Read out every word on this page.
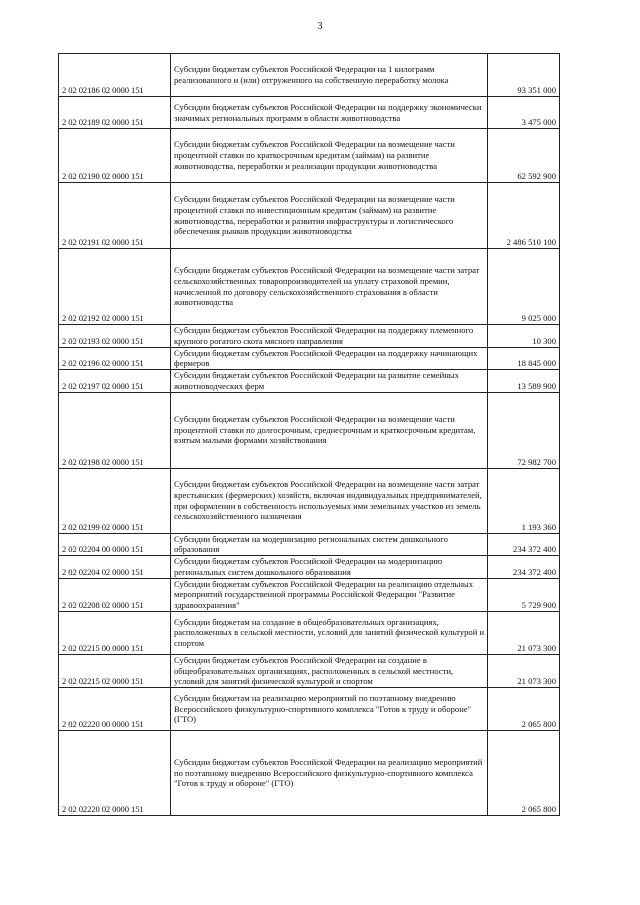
3
2 02 02186 02 0000 151	Субсидии бюджетам субъектов Российской Федерации на 1 килограмм реализованного и (или) отгруженного на собственную переработку молока	93 351 000
2 02 02189 02 0000 151	Субсидии бюджетам субъектов Российской Федерации на поддержку экономически значимых региональных программ в области животноводства	3 475 000
2 02 02190 02 0000 151	Субсидии бюджетам субъектов Российской Федерации на возмещение части процентной ставки по краткосрочным кредитам (займам) на развитие животноводства, переработки и реализации продукции животноводства	62 592 900
2 02 02191 02 0000 151	Субсидии бюджетам субъектов Российской Федерации на возмещение части процентной ставки по инвестиционным кредитам (займам) на развитие животноводства, переработки и развития инфраструктуры и логистического обеспечения рынков продукции животноводства	2 486 510 100
2 02 02192 02 0000 151	Субсидии бюджетам субъектов Российской Федерации на возмещение части затрат сельскохозяйственных товаропроизводителей на уплату страховой премии, начисленной по договору сельскохозяйственного страхования в области животноводства	9 025 000
2 02 02193 02 0000 151	Субсидии бюджетам субъектов Российской Федерации на поддержку племенного крупного рогатого скота мясного направления	10 300
2 02 02196 02 0000 151	Субсидии бюджетам субъектов Российской Федерации на поддержку начинающих фермеров	18 845 000
2 02 02197 02 0000 151	Субсидии бюджетам субъектов Российской Федерации на развитие семейных животноводческих ферм	13 589 900
2 02 02198 02 0000 151	Субсидии бюджетам субъектов Российской Федерации на возмещение части процентной ставки по долгосрочным, среднесрочным и краткосрочным кредитам, взятым малыми формами хозяйствования	72 982 700
2 02 02199 02 0000 151	Субсидии бюджетам субъектов Российской Федерации на возмещение части затрат крестьянских (фермерских) хозяйств, включая индивидуальных предпринимателей, при оформлении в собственность используемых ими земельных участков из земель сельскохозяйственного назначения	1 193 360
2 02 02204 00 0000 151	Субсидии бюджетам на модернизацию региональных систем дошкольного образования	234 372 400
2 02 02204 02 0000 151	Субсидии бюджетам субъектов Российской Федерации на модернизацию региональных систем дошкольного образования	234 372 400
2 02 02208 02 0000 151	Субсидии бюджетам субъектов Российской Федерации на реализацию отдельных мероприятий государственной программы Российской Федерации "Развитие здравоохранения"	5 729 900
2 02 02215 00 0000 151	Субсидии бюджетам на создание в общеобразовательных организациях, расположенных в сельской местности, условий для занятий физической культурой и спортом	21 073 300
2 02 02215 02 0000 151	Субсидии бюджетам субъектов Российской Федерации на создание в общеобразовательных организациях, расположенных в сельской местности, условий для занятий физической культурой и спортом	21 073 300
2 02 02220 00 0000 151	Субсидии бюджетам на реализацию мероприятий по поэтапному внедрению Всероссийского физкультурно-спортивного комплекса "Готов к труду и обороне" (ГТО)	2 065 800
2 02 02220 02 0000 151	Субсидии бюджетам субъектов Российской Федерации на реализацию мероприятий по поэтапному внедрению Всероссийского физкультурно-спортивного комплекса "Готов к труду и обороне" (ГТО)	2 065 800
